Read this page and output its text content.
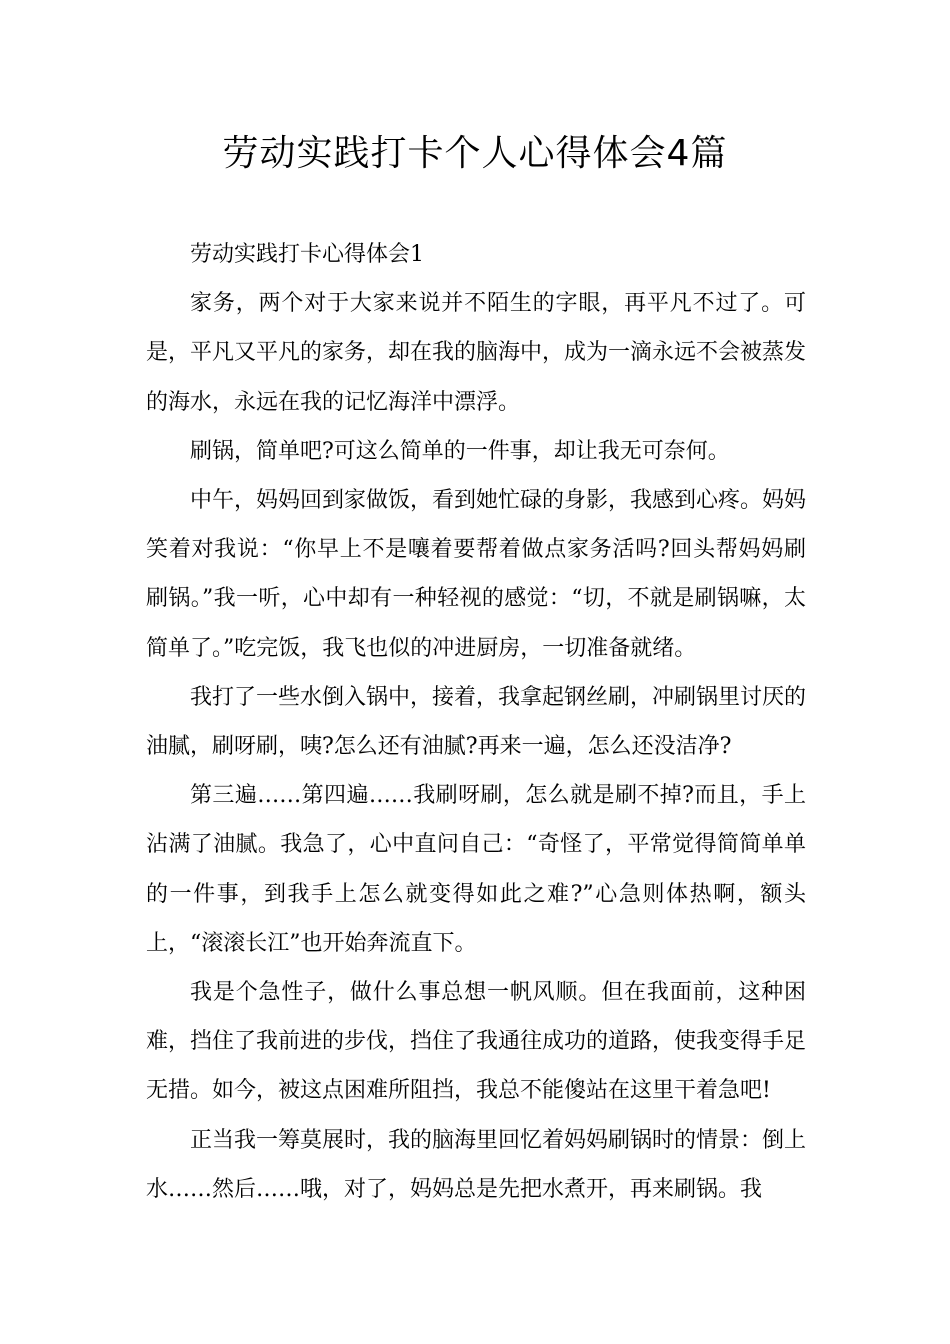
劳动实践打卡个人心得体会4篇

劳动实践打卡心得体会1

家务，两个对于大家来说并不陌生的字眼，再平凡不过了。可是，平凡又平凡的家务，却在我的脑海中，成为一滴永远不会被蒸发的海水，永远在我的记忆海洋中漂浮。

刷锅，简单吧?可这么简单的一件事，却让我无可奈何。

中午，妈妈回到家做饭，看到她忙碌的身影，我感到心疼。妈妈笑着对我说：“你早上不是嚷着要帮着做点家务活吗?回头帮妈妈刷刷锅。”我一听，心中却有一种轻视的感觉：“切，不就是刷锅嘛，太简单了。”吃完饭，我飞也似的冲进厨房，一切准备就绪。

我打了一些水倒入锅中，接着，我拿起钢丝刷，冲刷锅里讨厌的油腻，刷呀刷，咦?怎么还有油腻?再来一遍，怎么还没洁净?

第三遍……第四遍……我刷呀刷，怎么就是刷不掉?而且，手上沾满了油腻。我急了，心中直问自己：“奇怪了，平常觉得简简单单的一件事，到我手上怎么就变得如此之难?”心急则体热啊，额头上，“滚滚长江”也开始奔流直下。

我是个急性子，做什么事总想一帆风顺。但在我面前，这种困难，挡住了我前进的步伐，挡住了我通往成功的道路，使我变得手足无措。如今，被这点困难所阻挡，我总不能傻站在这里干着急吧!

正当我一筹莫展时，我的脑海里回忆着妈妈刷锅时的情景：倒上水……然后……哦，对了，妈妈总是先把水煮开，再来刷锅。我
